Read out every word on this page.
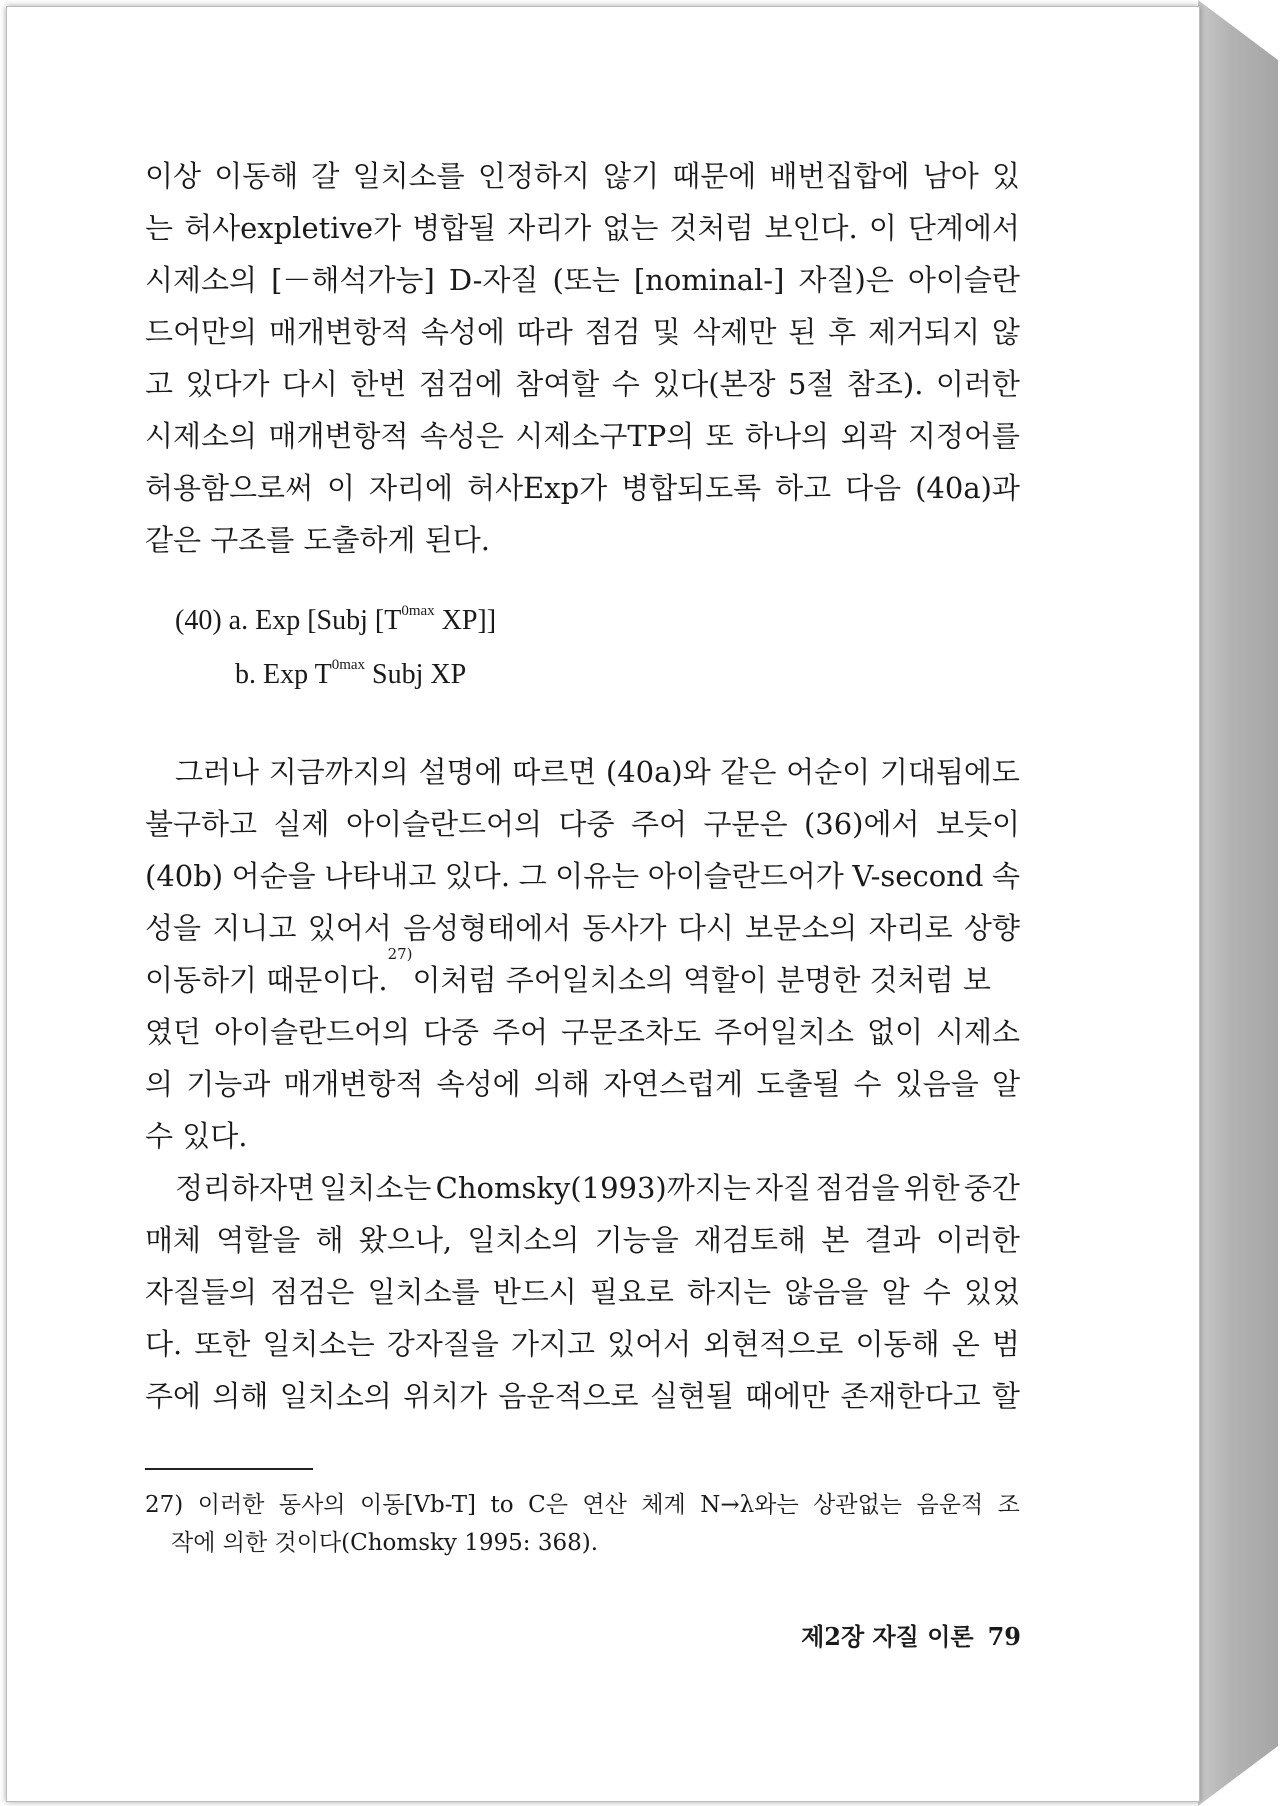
이상 이동해 갈 일치소를 인정하지 않기 때문에 배번집합에 남아 있
는 허사expletive가 병합될 자리가 없는 것처럼 보인다. 이 단계에서
시제소의 [－해석가능] D-자질 (또는 [nominal-] 자질)은 아이슬란
드어만의 매개변항적 속성에 따라 점검 및 삭제만 된 후 제거되지 않
고 있다가 다시 한번 점검에 참여할 수 있다(본장 5절 참조). 이러한
시제소의 매개변항적 속성은 시제소구TP의 또 하나의 외곽 지정어를
허용함으로써 이 자리에 허사Exp가 병합되도록 하고 다음 (40a)과
같은 구조를 도출하게 된다.
(40) a. Exp [Subj [$T^{0max}$ XP]]
b. Exp $T^{0max}$ Subj XP
그러나 지금까지의 설명에 따르면 (40a)와 같은 어순이 기대됨에도
불구하고 실제 아이슬란드어의 다중 주어 구문은 (36)에서 보듯이
(40b) 어순을 나타내고 있다. 그 이유는 아이슬란드어가 V-second 속
성을 지니고 있어서 음성형태에서 동사가 다시 보문소의 자리로 상향
이동하기 때문이다.
27)
이처럼 주어일치소의 역할이 분명한 것처럼 보
였던 아이슬란드어의 다중 주어 구문조차도 주어일치소 없이 시제소
의 기능과 매개변항적 속성에 의해 자연스럽게 도출될 수 있음을 알
수 있다.
정리하자면 일치소는 Chomsky(1993)까지는 자질 점검을 위한 중간
매체 역할을 해 왔으나, 일치소의 기능을 재검토해 본 결과 이러한
자질들의 점검은 일치소를 반드시 필요로 하지는 않음을 알 수 있었
다. 또한 일치소는 강자질을 가지고 있어서 외현적으로 이동해 온 범
주에 의해 일치소의 위치가 음운적으로 실현될 때에만 존재한다고 할
27) 이러한 동사의 이동[Vb-T] to C은 연산 체계 N→λ와는 상관없는 음운적 조
작에 의한 것이다(Chomsky 1995: 368).
제2장 자질 이론 79
